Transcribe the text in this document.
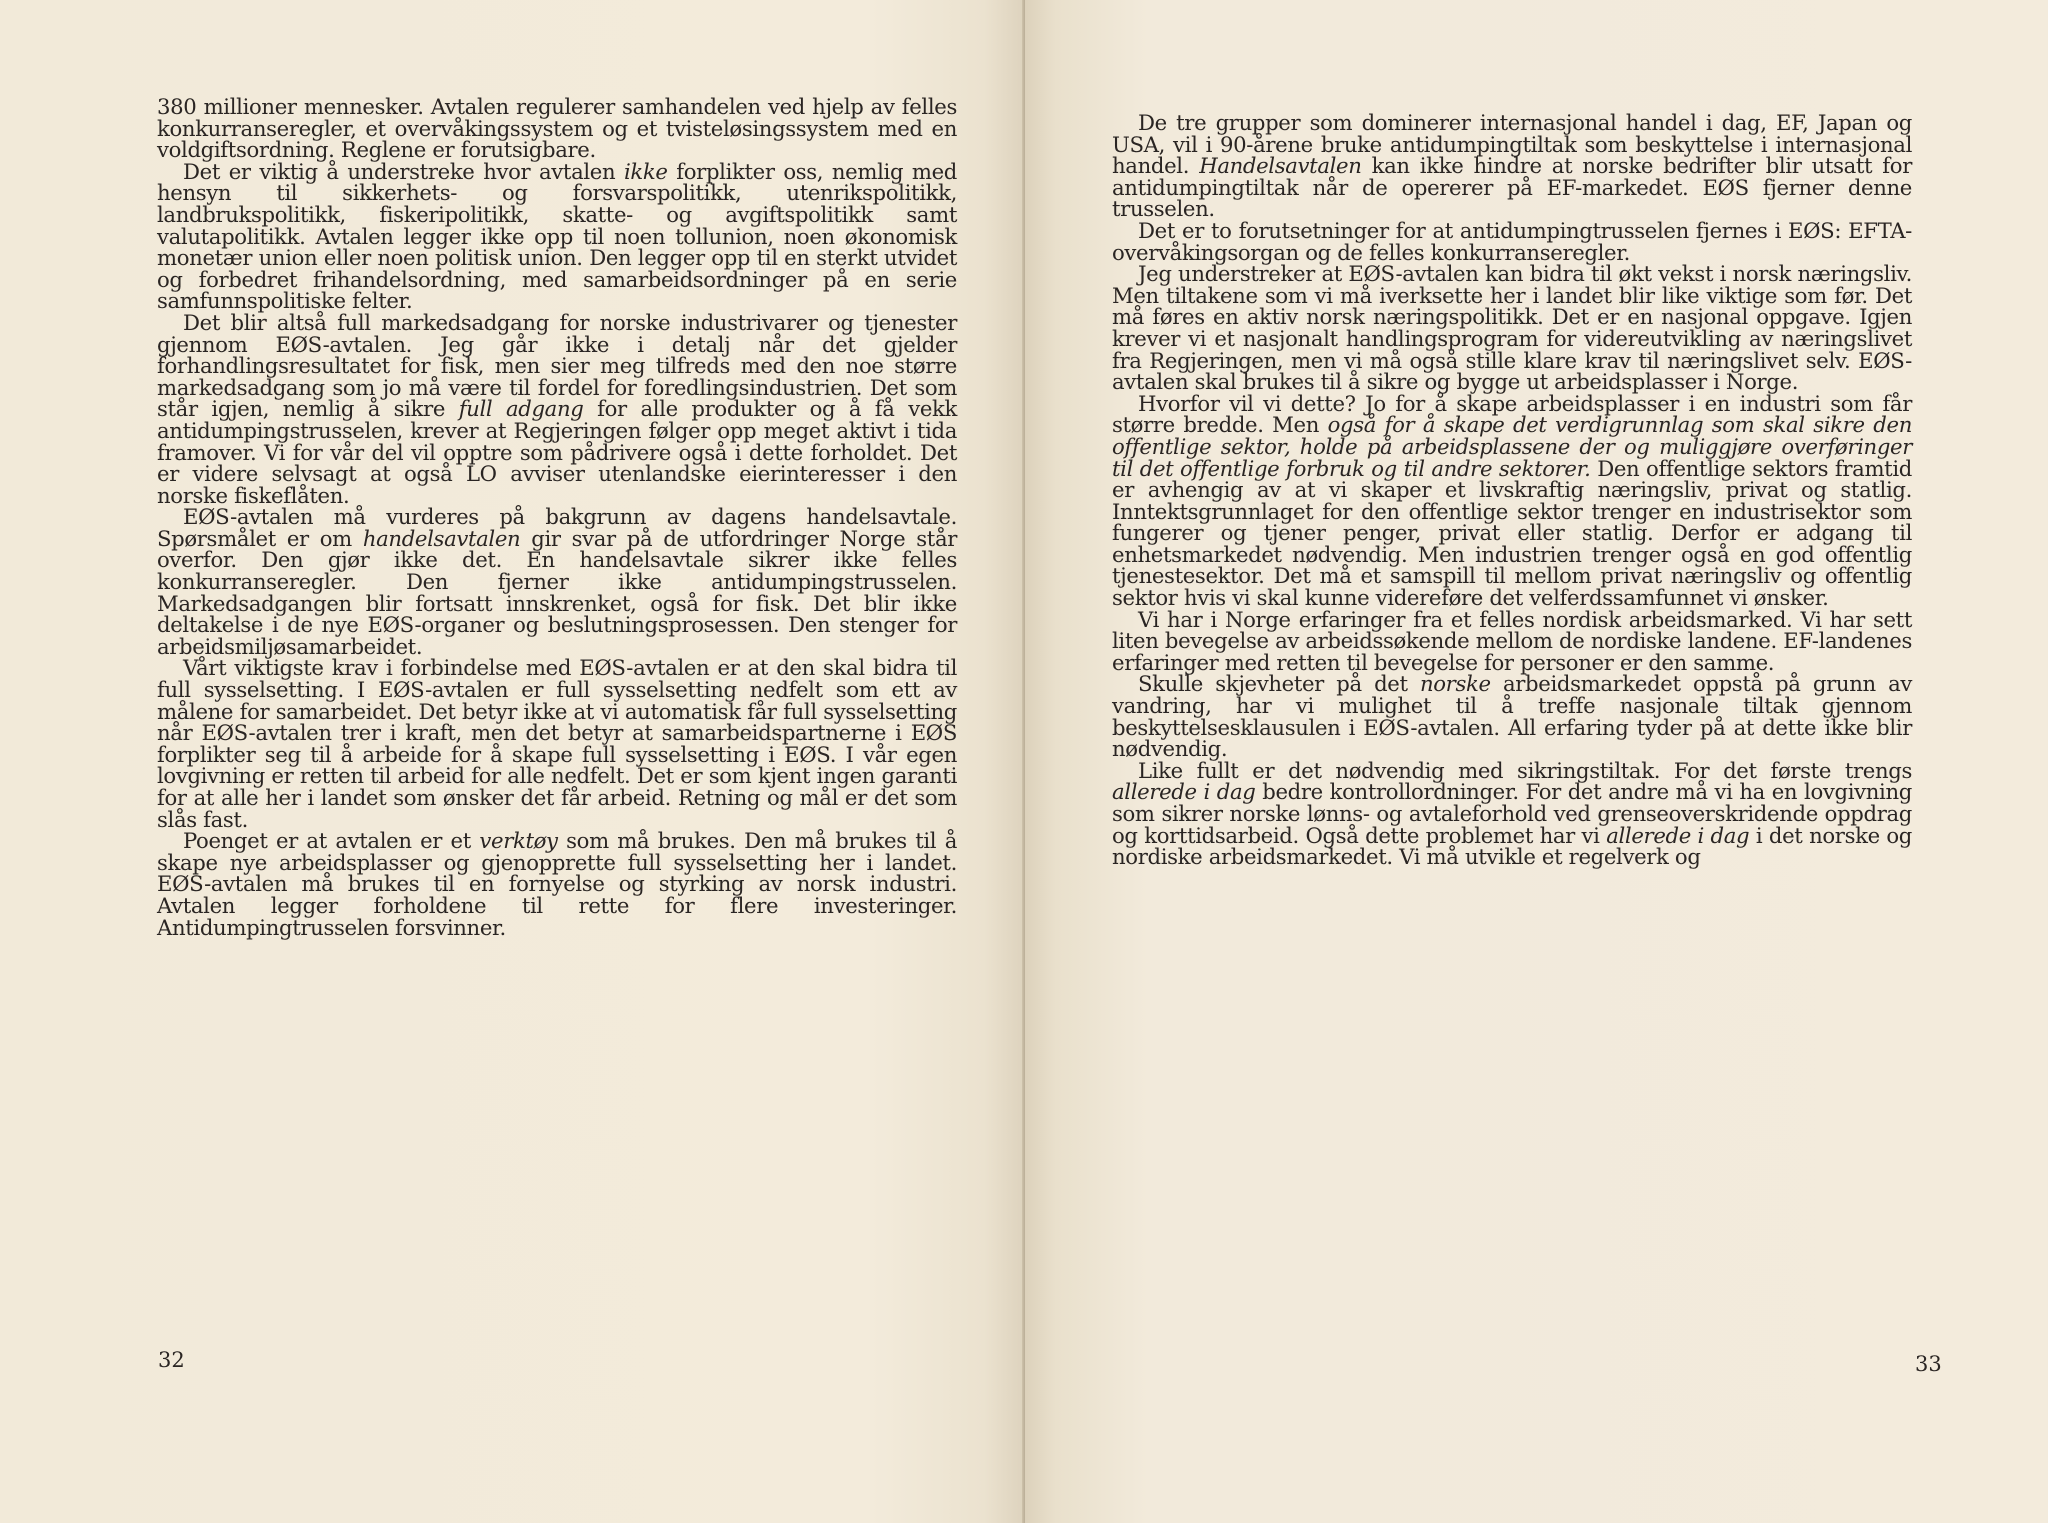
380 millioner mennesker. Avtalen regulerer samhandelen ved hjelp av felles konkurranseregler, et overvåkingssystem og et tvisteløsingssystem med en voldgiftsordning. Reglene er forutsigbare.

Det er viktig å understreke hvor avtalen ikke forplikter oss, nemlig med hensyn til sikkerhets- og forsvarspolitikk, utenrikspolitikk, landbrukspolitikk, fiskeripolitikk, skatte- og avgiftspolitikk samt valutapolitikk. Avtalen legger ikke opp til noen tollunion, noen økonomisk monetær union eller noen politisk union. Den legger opp til en sterkt utvidet og forbedret frihandelsordning, med samarbeidsordninger på en serie samfunnspolitiske felter.

Det blir altså full markedsadgang for norske industrivarer og tjenester gjennom EØS-avtalen. Jeg går ikke i detalj når det gjelder forhandlingsresultatet for fisk, men sier meg tilfreds med den noe større markedsadgang som jo må være til fordel for foredlingsindustrien. Det som står igjen, nemlig å sikre full adgang for alle produkter og å få vekk antidumpingstrusselen, krever at Regjeringen følger opp meget aktivt i tida framover. Vi for vår del vil opptre som pådrivere også i dette forholdet. Det er videre selvsagt at også LO avviser utenlandske eierinteresser i den norske fiskeflåten.

EØS-avtalen må vurderes på bakgrunn av dagens handelsavtale. Spørsmålet er om handelsavtalen gir svar på de utfordringer Norge står overfor. Den gjør ikke det. En handelsavtale sikrer ikke felles konkurranseregler. Den fjerner ikke antidumpingstrusselen. Markedsadgangen blir fortsatt innskrenket, også for fisk. Det blir ikke deltakelse i de nye EØS-organer og beslutningsprosessen. Den stenger for arbeidsmiljøsamarbeidet.

Vårt viktigste krav i forbindelse med EØS-avtalen er at den skal bidra til full sysselsetting. I EØS-avtalen er full sysselsetting nedfelt som ett av målene for samarbeidet. Det betyr ikke at vi automatisk får full sysselsetting når EØS-avtalen trer i kraft, men det betyr at samarbeidspartnerne i EØS forplikter seg til å arbeide for å skape full sysselsetting i EØS. I vår egen lovgivning er retten til arbeid for alle nedfelt. Det er som kjent ingen garanti for at alle her i landet som ønsker det får arbeid. Retning og mål er det som slås fast.

Poenget er at avtalen er et verktøy som må brukes. Den må brukes til å skape nye arbeidsplasser og gjenopprette full sysselsetting her i landet. EØS-avtalen må brukes til en fornyelse og styrking av norsk industri. Avtalen legger forholdene til rette for flere investeringer. Antidumpingtrusselen forsvinner.

32

De tre grupper som dominerer internasjonal handel i dag, EF, Japan og USA, vil i 90-årene bruke antidumpingtiltak som beskyttelse i internasjonal handel. Handelsavtalen kan ikke hindre at norske bedrifter blir utsatt for antidumpingtiltak når de opererer på EF-markedet. EØS fjerner denne trusselen.

Det er to forutsetninger for at antidumpingtrusselen fjernes i EØS: EFTA-overvåkingsorgan og de felles konkurranseregler.

Jeg understreker at EØS-avtalen kan bidra til økt vekst i norsk næringsliv. Men tiltakene som vi må iverksette her i landet blir like viktige som før. Det må føres en aktiv norsk næringspolitikk. Det er en nasjonal oppgave. Igjen krever vi et nasjonalt handlingsprogram for videreutvikling av næringslivet fra Regjeringen, men vi må også stille klare krav til næringslivet selv. EØS-avtalen skal brukes til å sikre og bygge ut arbeidsplasser i Norge.

Hvorfor vil vi dette? Jo for å skape arbeidsplasser i en industri som får større bredde. Men også for å skape det verdigrunnlag som skal sikre den offentlige sektor, holde på arbeidsplassene der og muliggjøre overføringer til det offentlige forbruk og til andre sektorer. Den offentlige sektors framtid er avhengig av at vi skaper et livskraftig næringsliv, privat og statlig. Inntektsgrunnlaget for den offentlige sektor trenger en industrisektor som fungerer og tjener penger, privat eller statlig. Derfor er adgang til enhetsmarkedet nødvendig. Men industrien trenger også en god offentlig tjenestesektor. Det må et samspill til mellom privat næringsliv og offentlig sektor hvis vi skal kunne videreføre det velferdssamfunnet vi ønsker.

Vi har i Norge erfaringer fra et felles nordisk arbeidsmarked. Vi har sett liten bevegelse av arbeidssøkende mellom de nordiske landene. EF-landenes erfaringer med retten til bevegelse for personer er den samme.

Skulle skjevheter på det norske arbeidsmarkedet oppstå på grunn av vandring, har vi mulighet til å treffe nasjonale tiltak gjennom beskyttelsesklausulen i EØS-avtalen. All erfaring tyder på at dette ikke blir nødvendig.

Like fullt er det nødvendig med sikringstiltak. For det første trengs allerede i dag bedre kontrollordninger. For det andre må vi ha en lovgivning som sikrer norske lønns- og avtaleforhold ved grenseoverskridende oppdrag og korttidsarbeid. Også dette problemet har vi allerede i dag i det norske og nordiske arbeidsmarkedet. Vi må utvikle et regelverk og

33
